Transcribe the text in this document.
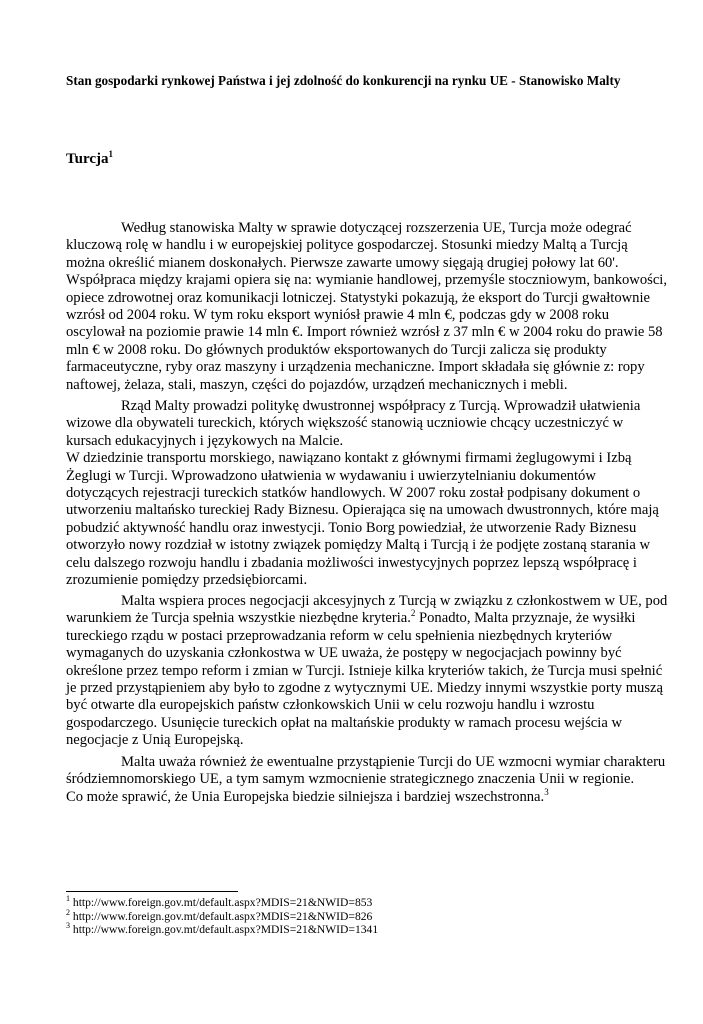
Stan gospodarki rynkowej Państwa i jej zdolność do konkurencji na rynku UE - Stanowisko Malty
Turcja$^1$
Według stanowiska Malty w sprawie dotyczącej rozszerzenia UE, Turcja może odegrać
kluczową rolę w handlu i w europejskiej polityce gospodarczej. Stosunki miedzy Maltą a Turcją
można określić mianem doskonałych. Pierwsze zawarte umowy sięgają drugiej połowy lat 60'.
Współpraca między krajami opiera się na: wymianie handlowej, przemyśle stoczniowym, bankowości,
opiece zdrowotnej oraz komunikacji lotniczej. Statystyki pokazują, że eksport do Turcji gwałtownie
wzrósł od 2004 roku. W tym roku eksport wyniósł prawie 4 mln €, podczas gdy w 2008 roku
oscylował na poziomie prawie 14 mln €. Import również wzrósł z 37 mln € w 2004 roku do prawie 58
mln € w 2008 roku. Do głównych produktów eksportowanych do Turcji zalicza się produkty
farmaceutyczne, ryby oraz maszyny i urządzenia mechaniczne. Import składała się głównie z: ropy
naftowej, żelaza, stali, maszyn, części do pojazdów, urządzeń mechanicznych i mebli.
Rząd Malty prowadzi politykę dwustronnej współpracy z Turcją. Wprowadził ułatwienia
wizowe dla obywateli tureckich, których większość stanowią uczniowie chcący uczestniczyć w
kursach edukacyjnych i językowych na Malcie.
W dziedzinie transportu morskiego, nawiązano kontakt z głównymi firmami żeglugowymi i Izbą
Żeglugi w Turcji. Wprowadzono ułatwienia w wydawaniu i uwierzytelnianiu dokumentów
dotyczących rejestracji tureckich statków handlowych. W 2007 roku został podpisany dokument o
utworzeniu maltańsko tureckiej Rady Biznesu. Opierająca się na umowach dwustronnych, które mają
pobudzić aktywność handlu oraz inwestycji. Tonio Borg powiedział, że utworzenie Rady Biznesu
otworzyło nowy rozdział w istotny związek pomiędzy Maltą i Turcją i że podjęte zostaną starania w
celu dalszego rozwoju handlu i zbadania możliwości inwestycyjnych poprzez lepszą współpracę i
zrozumienie pomiędzy przedsiębiorcami.
Malta wspiera proces negocjacji akcesyjnych z Turcją w związku z członkostwem w UE, pod
warunkiem że Turcja spełnia wszystkie niezbędne kryteria.$^2$ Ponadto, Malta przyznaje, że wysiłki
tureckiego rządu w postaci przeprowadzania reform w celu spełnienia niezbędnych kryteriów
wymaganych do uzyskania członkostwa w UE uważa, że postępy w negocjacjach powinny być
określone przez tempo reform i zmian w Turcji. Istnieje kilka kryteriów takich, że Turcja musi spełnić
je przed przystąpieniem aby było to zgodne z wytycznymi UE. Miedzy innymi wszystkie porty muszą
być otwarte dla europejskich państw członkowskich Unii w celu rozwoju handlu i wzrostu
gospodarczego. Usunięcie tureckich opłat na maltańskie produkty w ramach procesu wejścia w
negocjacje z Unią Europejską.
Malta uważa również że ewentualne przystąpienie Turcji do UE wzmocni wymiar charakteru
śródziemnomorskiego UE, a tym samym wzmocnienie strategicznego znaczenia Unii w regionie.
Co może sprawić, że Unia Europejska biedzie silniejsza i bardziej wszechstronna.$^3$
$^1$ http://www.foreign.gov.mt/default.aspx?MDIS=21&NWID=853
$^2$ http://www.foreign.gov.mt/default.aspx?MDIS=21&NWID=826
$^3$ http://www.foreign.gov.mt/default.aspx?MDIS=21&NWID=1341
